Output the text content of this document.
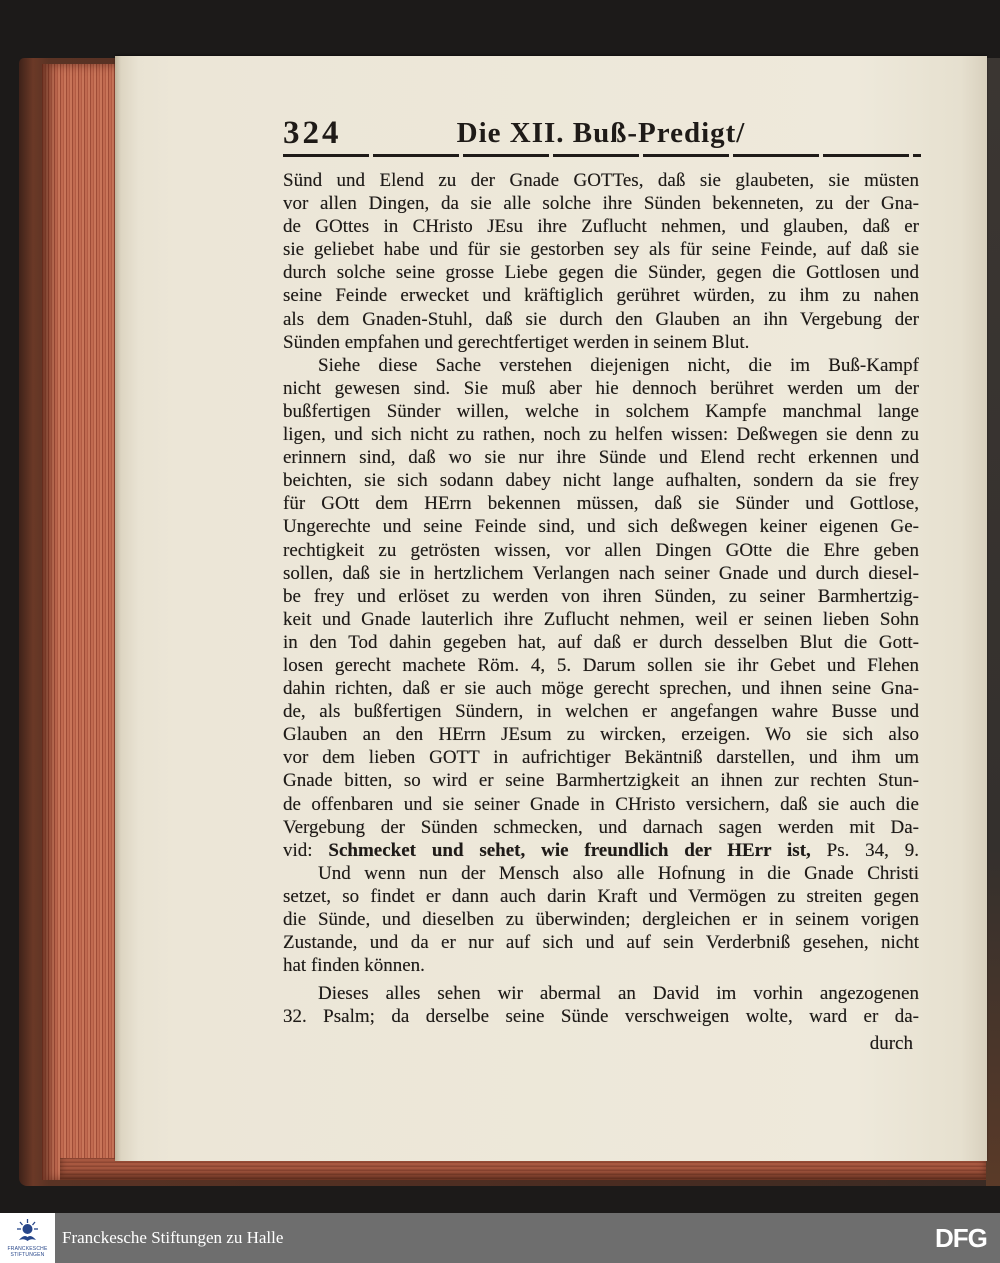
324	Die XII. Buß-Predigt/
Sünd und Elend zu der Gnade GOTTes, daß sie glaubeten, sie müsten
vor allen Dingen, da sie alle solche ihre Sünden bekenneten, zu der Gna-
de GOttes in CHristo JEsu ihre Zuflucht nehmen, und glauben, daß er
sie geliebet habe und für sie gestorben sey als für seine Feinde, auf daß sie
durch solche seine grosse Liebe gegen die Sünder, gegen die Gottlosen und
seine Feinde erwecket und kräftiglich gerühret würden, zu ihm zu nahen
als dem Gnaden-Stuhl, daß sie durch den Glauben an ihn Vergebung der
Sünden empfahen und gerechtfertiget werden in seinem Blut.
Siehe diese Sache verstehen diejenigen nicht, die im Buß-Kampf
nicht gewesen sind. Sie muß aber hie dennoch berühret werden um der
bußfertigen Sünder willen, welche in solchem Kampfe manchmal lange
ligen, und sich nicht zu rathen, noch zu helfen wissen: Deßwegen sie denn zu
erinnern sind, daß wo sie nur ihre Sünde und Elend recht erkennen und
beichten, sie sich sodann dabey nicht lange aufhalten, sondern da sie frey
für GOtt dem HErrn bekennen müssen, daß sie Sünder und Gottlose,
Ungerechte und seine Feinde sind, und sich deßwegen keiner eigenen Ge-
rechtigkeit zu getrösten wissen, vor allen Dingen GOtte die Ehre geben
sollen, daß sie in hertzlichem Verlangen nach seiner Gnade und durch diesel-
be frey und erlöset zu werden von ihren Sünden, zu seiner Barmhertzig-
keit und Gnade lauterlich ihre Zuflucht nehmen, weil er seinen lieben Sohn
in den Tod dahin gegeben hat, auf daß er durch desselben Blut die Gott-
losen gerecht machete Röm. 4, 5. Darum sollen sie ihr Gebet und Flehen
dahin richten, daß er sie auch möge gerecht sprechen, und ihnen seine Gna-
de, als bußfertigen Sündern, in welchen er angefangen wahre Busse und
Glauben an den HErrn JEsum zu wircken, erzeigen. Wo sie sich also
vor dem lieben GOTT in aufrichtiger Bekäntniß darstellen, und ihm um
Gnade bitten, so wird er seine Barmhertzigkeit an ihnen zur rechten Stun-
de offenbaren und sie seiner Gnade in CHristo versichern, daß sie auch die
Vergebung der Sünden schmecken, und darnach sagen werden mit Da-
vid: Schmecket und sehet, wie freundlich der HErr ist, Ps. 34, 9.
Und wenn nun der Mensch also alle Hofnung in die Gnade Christi
setzet, so findet er dann auch darin Kraft und Vermögen zu streiten gegen
die Sünde, und dieselben zu überwinden; dergleichen er in seinem vorigen
Zustande, und da er nur auf sich und auf sein Verderbniß gesehen, nicht
hat finden können.
Dieses alles sehen wir abermal an David im vorhin angezogenen
32. Psalm; da derselbe seine Sünde verschweigen wolte, ward er da-
durch
FRANCKESCHE
STIFTUNGEN
Franckesche Stiftungen zu Halle	DFG
